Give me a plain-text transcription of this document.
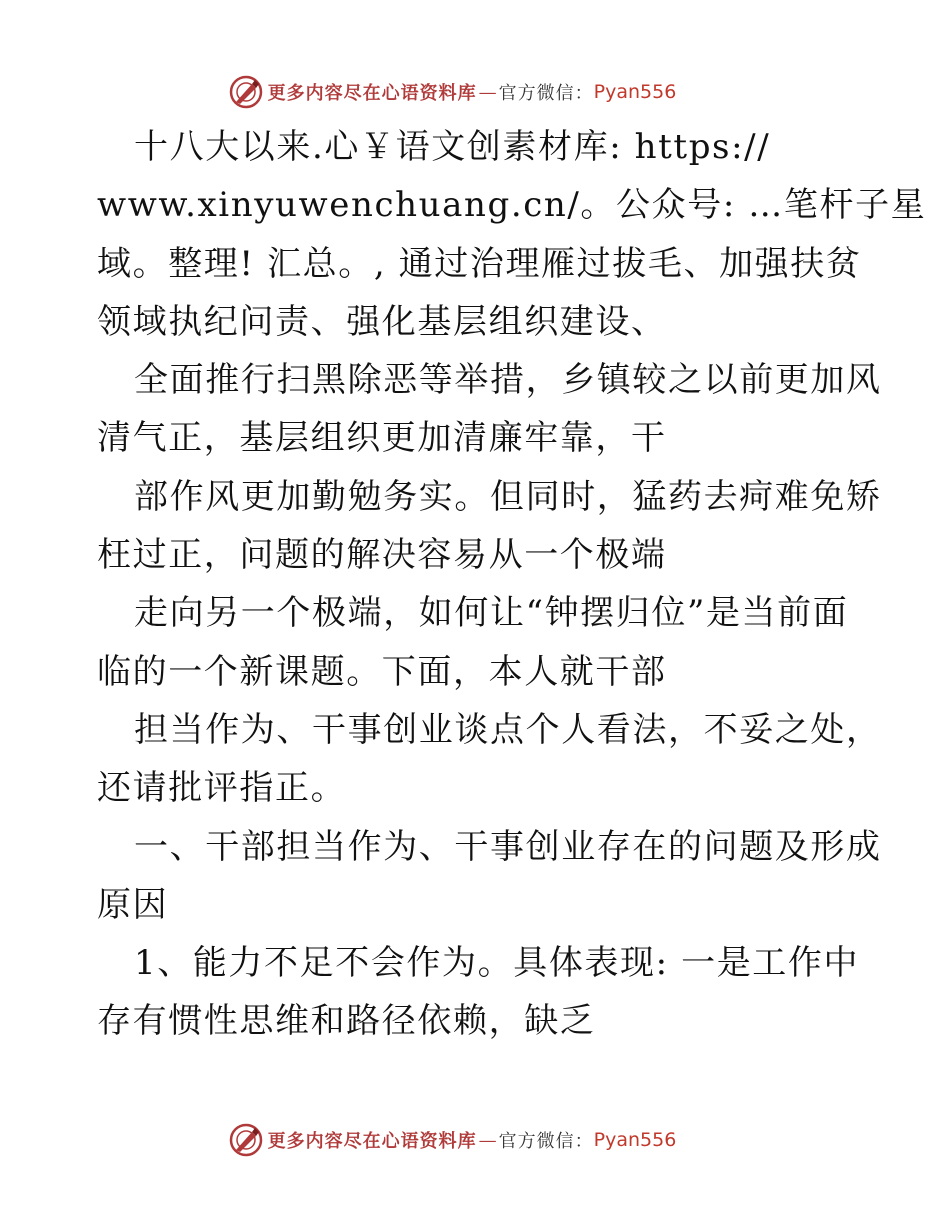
更多内容尽在心语资料库 — 官方微信： Pyan556
十八大以来.心￥语文创素材库: https://
www.xinyuwenchuang.cn/。公众号: …笔杆子星
域。整理! 汇总。, 通过治理雁过拔毛、加强扶贫
领域执纪问责、强化基层组织建设、
全面推行扫黑除恶等举措，乡镇较之以前更加风
清气正，基层组织更加清廉牢靠，干
部作风更加勤勉务实。但同时，猛药去疴难免矫
枉过正，问题的解决容易从一个极端
走向另一个极端，如何让“钟摆归位”是当前面
临的一个新课题。下面，本人就干部
担当作为、干事创业谈点个人看法，不妥之处，
还请批评指正。
一、干部担当作为、干事创业存在的问题及形成
原因
1、能力不足不会作为。具体表现: 一是工作中
存有惯性思维和路径依赖，缺乏
更多内容尽在心语资料库 — 官方微信： Pyan556
